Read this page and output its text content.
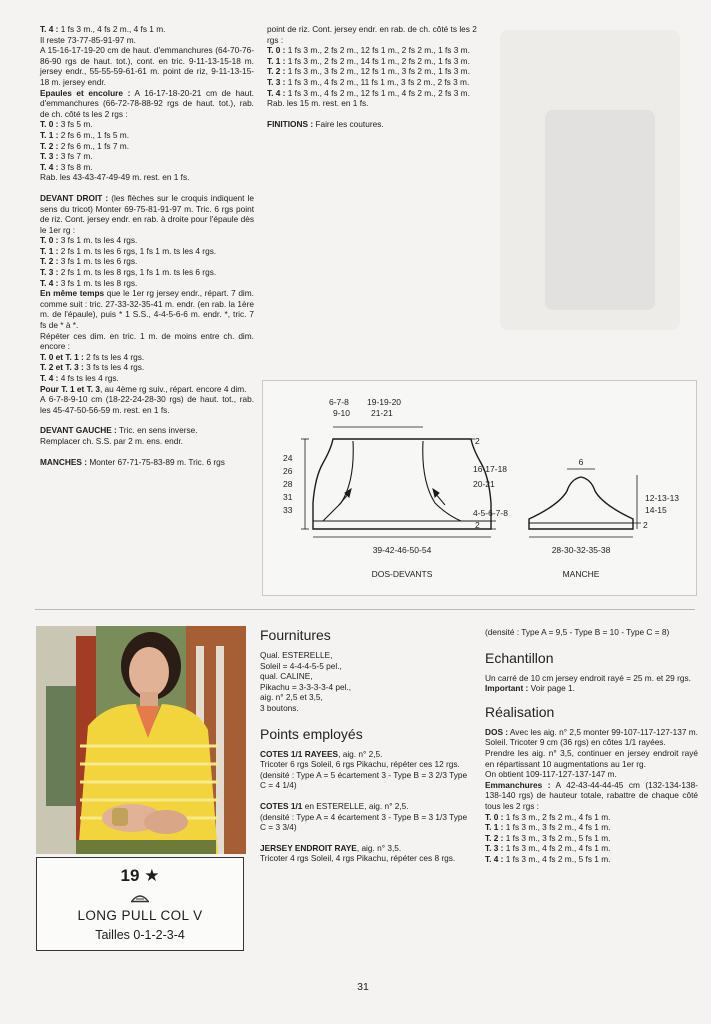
T. 4 : 1 fs 3 m., 4 fs 2 m., 4 fs 1 m.

Il reste 73-77-85-91-97 m.

A 15-16-17-19-20 cm de haut. d'emmanchures (64-70-76-86-90 rgs de haut. tot.), cont. en tric. 9-11-13-15-18 m. jersey endr., 55-55-59-61-61 m. point de riz, 9-11-13-15-18 m. jersey endr.

Epaules et encolure : A 16-17-18-20-21 cm de haut. d'emmanchures (66-72-78-88-92 rgs de haut. tot.), rab. de ch. côté ts les 2 rgs :

T. 0 : 3 fs 5 m.

T. 1 : 2 fs 6 m., 1 fs 5 m.

T. 2 : 2 fs 6 m., 1 fs 7 m.

T. 3 : 3 fs 7 m.

T. 4 : 3 fs 8 m.

Rab. les 43-43-47-49-49 m. rest. en 1 fs.

DEVANT DROIT : (les flèches sur le croquis indiquent le sens du tricot) Monter 69-75-81-91-97 m. Tric. 6 rgs point de riz. Cont. jersey endr. en rab. à droite pour l'épaule dès le 1er rg :

T. 0 : 3 fs 1 m. ts les 4 rgs.

T. 1 : 2 fs 1 m. ts les 6 rgs, 1 fs 1 m. ts les 4 rgs.

T. 2 : 3 fs 1 m. ts les 6 rgs.

T. 3 : 2 fs 1 m. ts les 8 rgs, 1 fs 1 m. ts les 6 rgs.

T. 4 : 3 fs 1 m. ts les 8 rgs.

En même temps que le 1er rg jersey endr., répart. 7 dim. comme suit : tric. 27-33-32-35-41 m. endr. (en rab. la 1ère m. de l'épaule), puis * 1 S.S., 4-4-5-6-6 m. endr. *, tric. 7 fs de * à *.

Répéter ces dim. en tric. 1 m. de moins entre ch. dim. encore :

T. 0 et T. 1 : 2 fs ts les 4 rgs.

T. 2 et T. 3 : 3 fs ts les 4 rgs.

T. 4 : 4 fs ts les 4 rgs.

Pour T. 1 et T. 3, au 4ème rg suiv., répart. encore 4 dim.

A 6-7-8-9-10 cm (18-22-24-28-30 rgs) de haut. tot., rab. les 45-47-50-56-59 m. rest. en 1 fs.

DEVANT GAUCHE : Tric. en sens inverse.

Remplacer ch. S.S. par 2 m. ens. endr.

MANCHES : Monter 67-71-75-83-89 m. Tric. 6 rgs

point de riz. Cont. jersey endr. en rab. de ch. côté ts les 2 rgs :

T. 0 : 1 fs 3 m., 2 fs 2 m., 12 fs 1 m., 2 fs 2 m., 1 fs 3 m.

T. 1 : 1 fs 3 m., 2 fs 2 m., 14 fs 1 m., 2 fs 2 m., 1 fs 3 m.

T. 2 : 1 fs 3 m., 3 fs 2 m., 12 fs 1 m., 3 fs 2 m., 1 fs 3 m.

T. 3 : 1 fs 3 m., 4 fs 2 m., 11 fs 1 m., 3 fs 2 m., 2 fs 3 m.

T. 4 : 1 fs 3 m., 4 fs 2 m., 12 fs 1 m., 4 fs 2 m., 2 fs 3 m.

Rab. les 15 m. rest. en 1 fs.

FINITIONS : Faire les coutures.

6-7-8
9-10
19-19-20
21-21
24
26
28
31
33
2
16-17-18
20-21
4-5-6-7-8
2
39-42-46-50-54
DOS-DEVANTS
6
12-13-13
14-15
2
28-30-32-35-38
MANCHE
19 ★
LONG PULL COL V
Tailles 0-1-2-3-4
Fournitures

Qual. ESTERELLE,

Soleil = 4-4-4-5-5 pel.,

qual. CALINE,

Pikachu = 3-3-3-3-4 pel.,

aig. n° 2,5 et 3,5,

3 boutons.

Points employés

COTES 1/1 RAYEES, aig. n° 2,5.

Tricoter 6 rgs Soleil, 6 rgs Pikachu, répéter ces 12 rgs.

(densité : Type A = 5 écartement 3 - Type B = 3 2/3 Type C = 4 1/4)

COTES 1/1 en ESTERELLE, aig. n° 2,5.

(densité : Type A = 4 écartement 3 - Type B = 3 1/3 Type C = 3 3/4)

JERSEY ENDROIT RAYE, aig. n° 3,5.

Tricoter 4 rgs Soleil, 4 rgs Pikachu, répéter ces 8 rgs.

(densité : Type A = 9,5 - Type B = 10 - Type C = 8)

Echantillon

Un carré de 10 cm jersey endroit rayé = 25 m. et 29 rgs.

Important : Voir page 1.

Réalisation

DOS : Avec les aig. n° 2,5 monter 99-107-117-127-137 m. Soleil. Tricoter 9 cm (36 rgs) en côtes 1/1 rayées.

Prendre les aig. n° 3,5, continuer en jersey endroit rayé en répartissant 10 augmentations au 1er rg.

On obtient 109-117-127-137-147 m.

Emmanchures : A 42-43-44-44-45 cm (132-134-138-138-140 rgs) de hauteur totale, rabattre de chaque côté tous les 2 rgs :

T. 0 : 1 fs 3 m., 2 fs 2 m., 4 fs 1 m.

T. 1 : 1 fs 3 m., 3 fs 2 m., 4 fs 1 m.

T. 2 : 1 fs 3 m., 3 fs 2 m., 5 fs 1 m.

T. 3 : 1 fs 3 m., 4 fs 2 m., 4 fs 1 m.

T. 4 : 1 fs 3 m., 4 fs 2 m., 5 fs 1 m.

31
